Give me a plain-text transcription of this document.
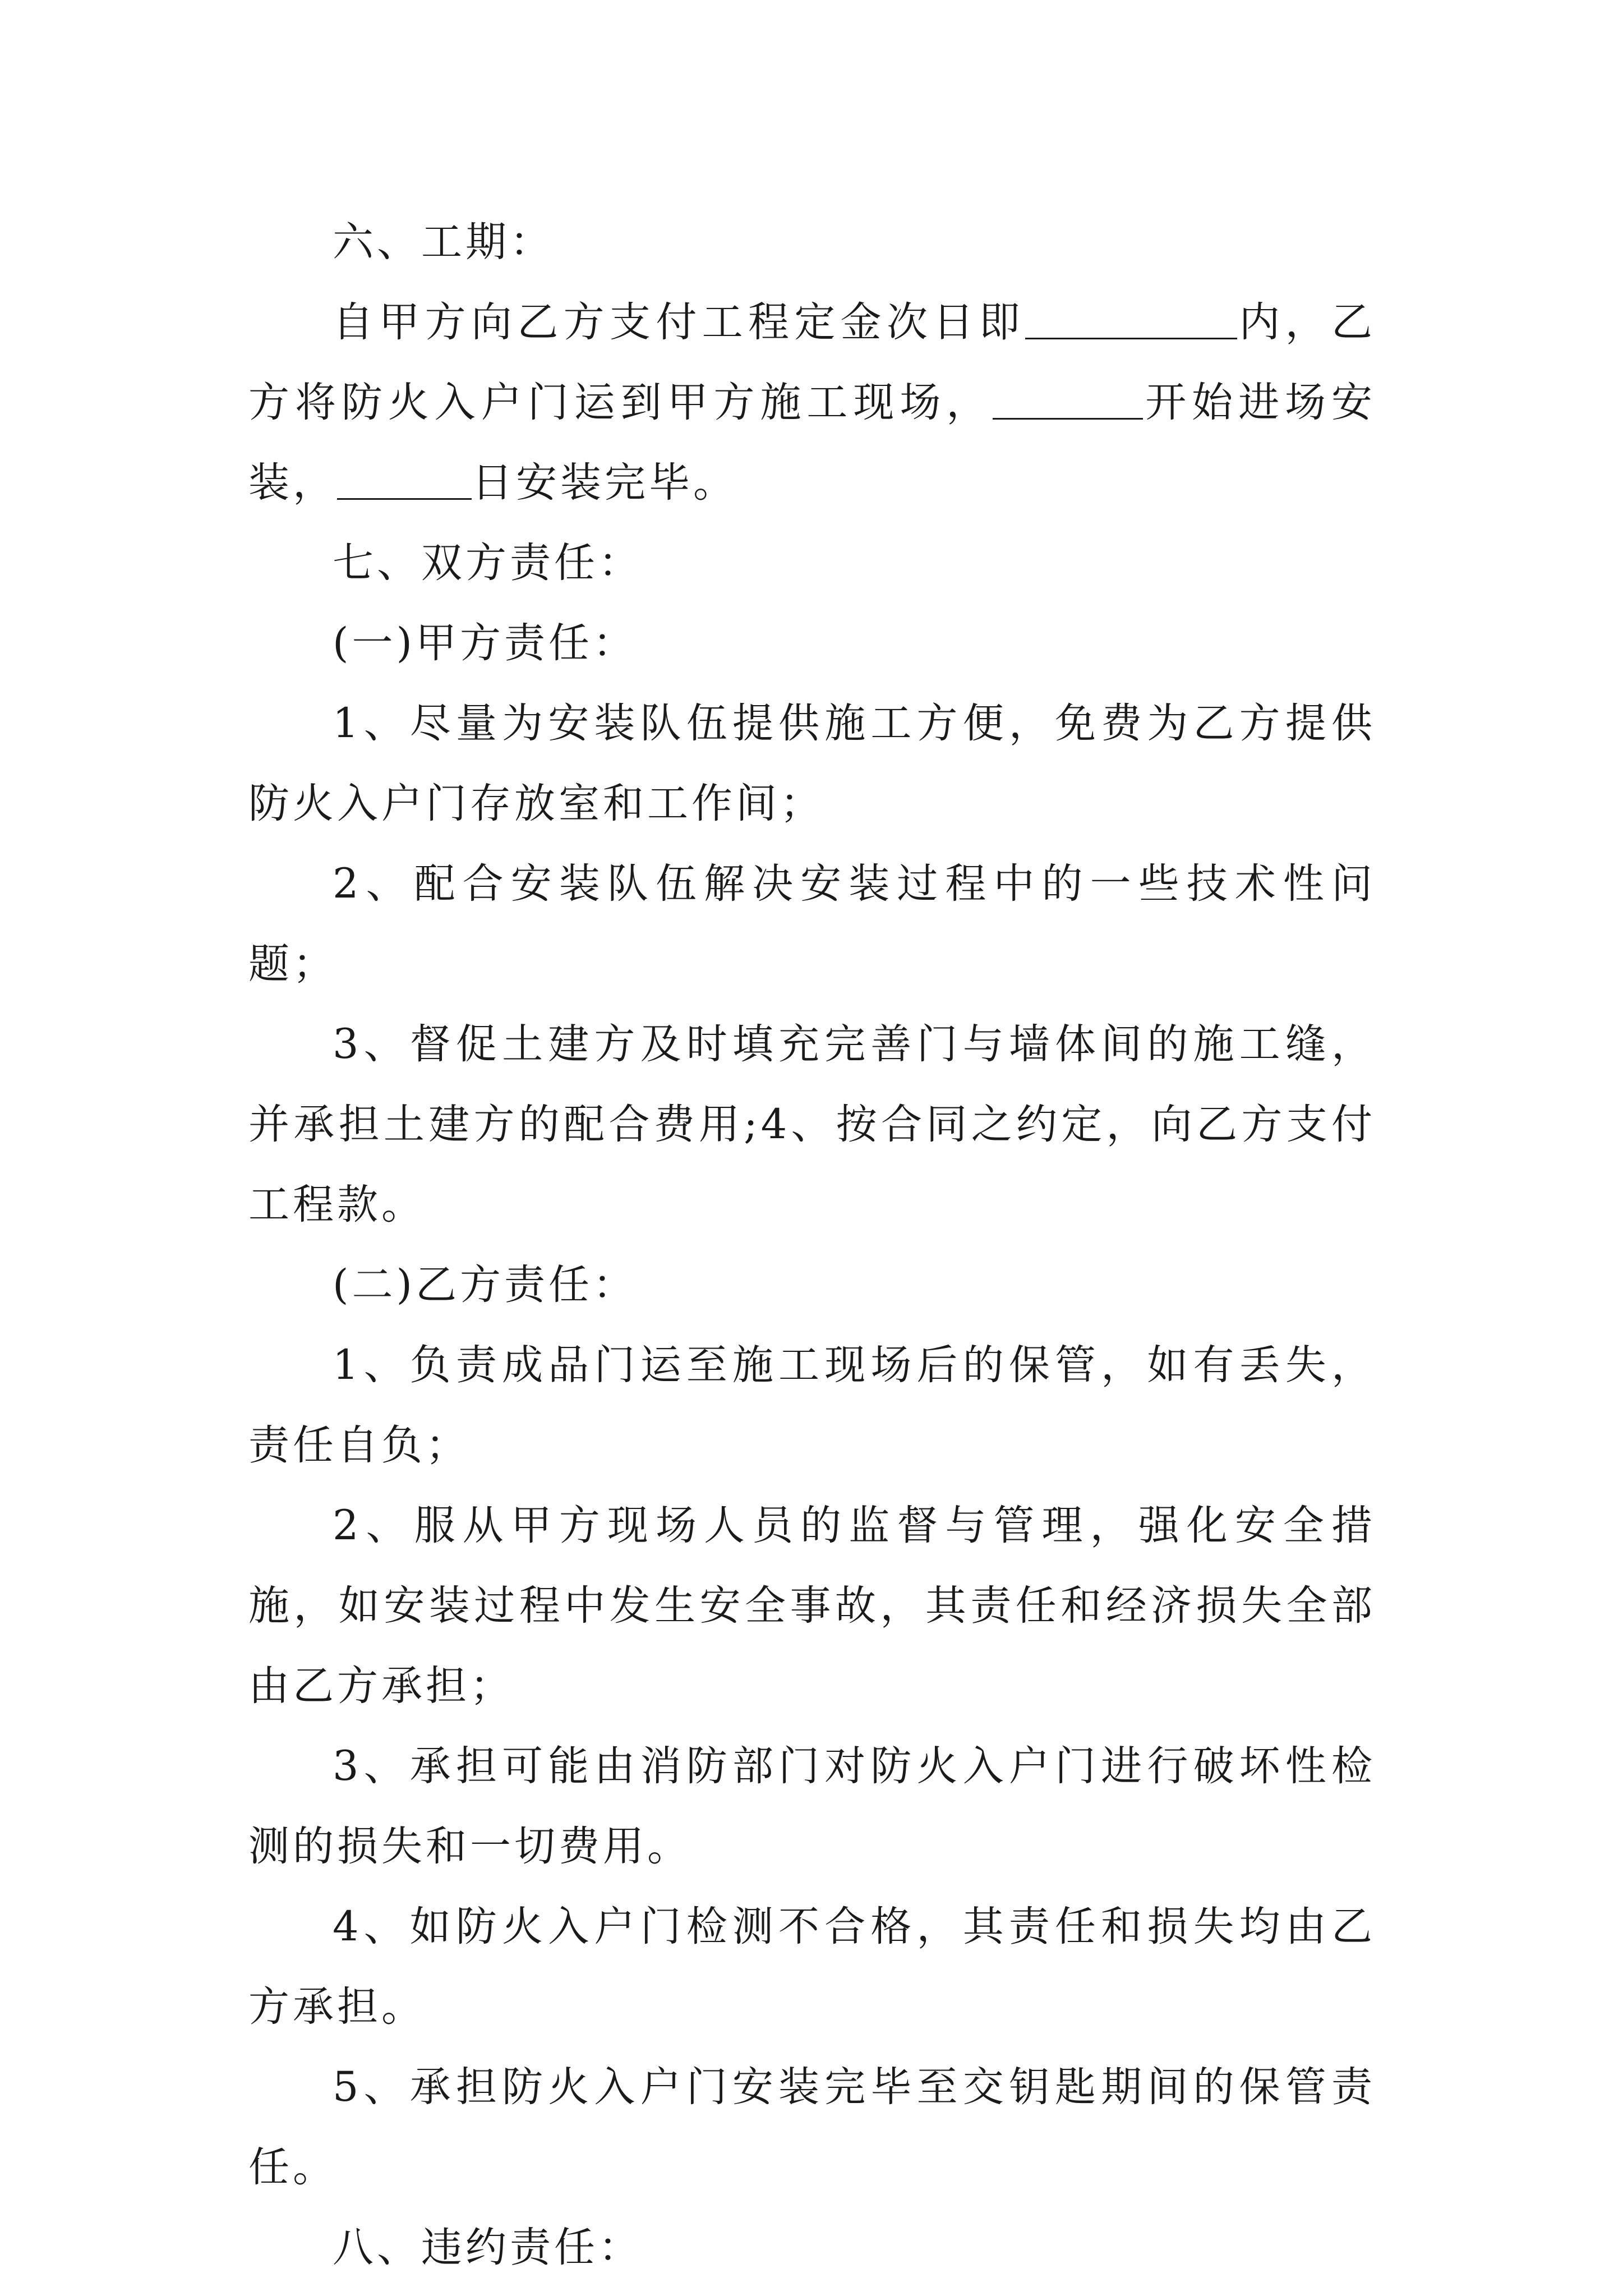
六、工期：

自甲方向乙方支付工程定金次日即	内，乙方将防火入户门运到甲方施工现场，	开始进场安装，	日安装完毕。

七、双方责任：

(一)甲方责任：

1、尽量为安装队伍提供施工方便，免费为乙方提供防火入户门存放室和工作间；

2、配合安装队伍解决安装过程中的一些技术性问题；

3、督促土建方及时填充完善门与墙体间的施工缝，并承担土建方的配合费用;4、按合同之约定，向乙方支付工程款。

(二)乙方责任：

1、负责成品门运至施工现场后的保管，如有丢失，责任自负；

2、服从甲方现场人员的监督与管理，强化安全措施，如安装过程中发生安全事故，其责任和经济损失全部由乙方承担；

3、承担可能由消防部门对防火入户门进行破坏性检测的损失和一切费用。

4、如防火入户门检测不合格，其责任和损失均由乙方承担。

5、承担防火入户门安装完毕至交钥匙期间的保管责任。

八、违约责任：
